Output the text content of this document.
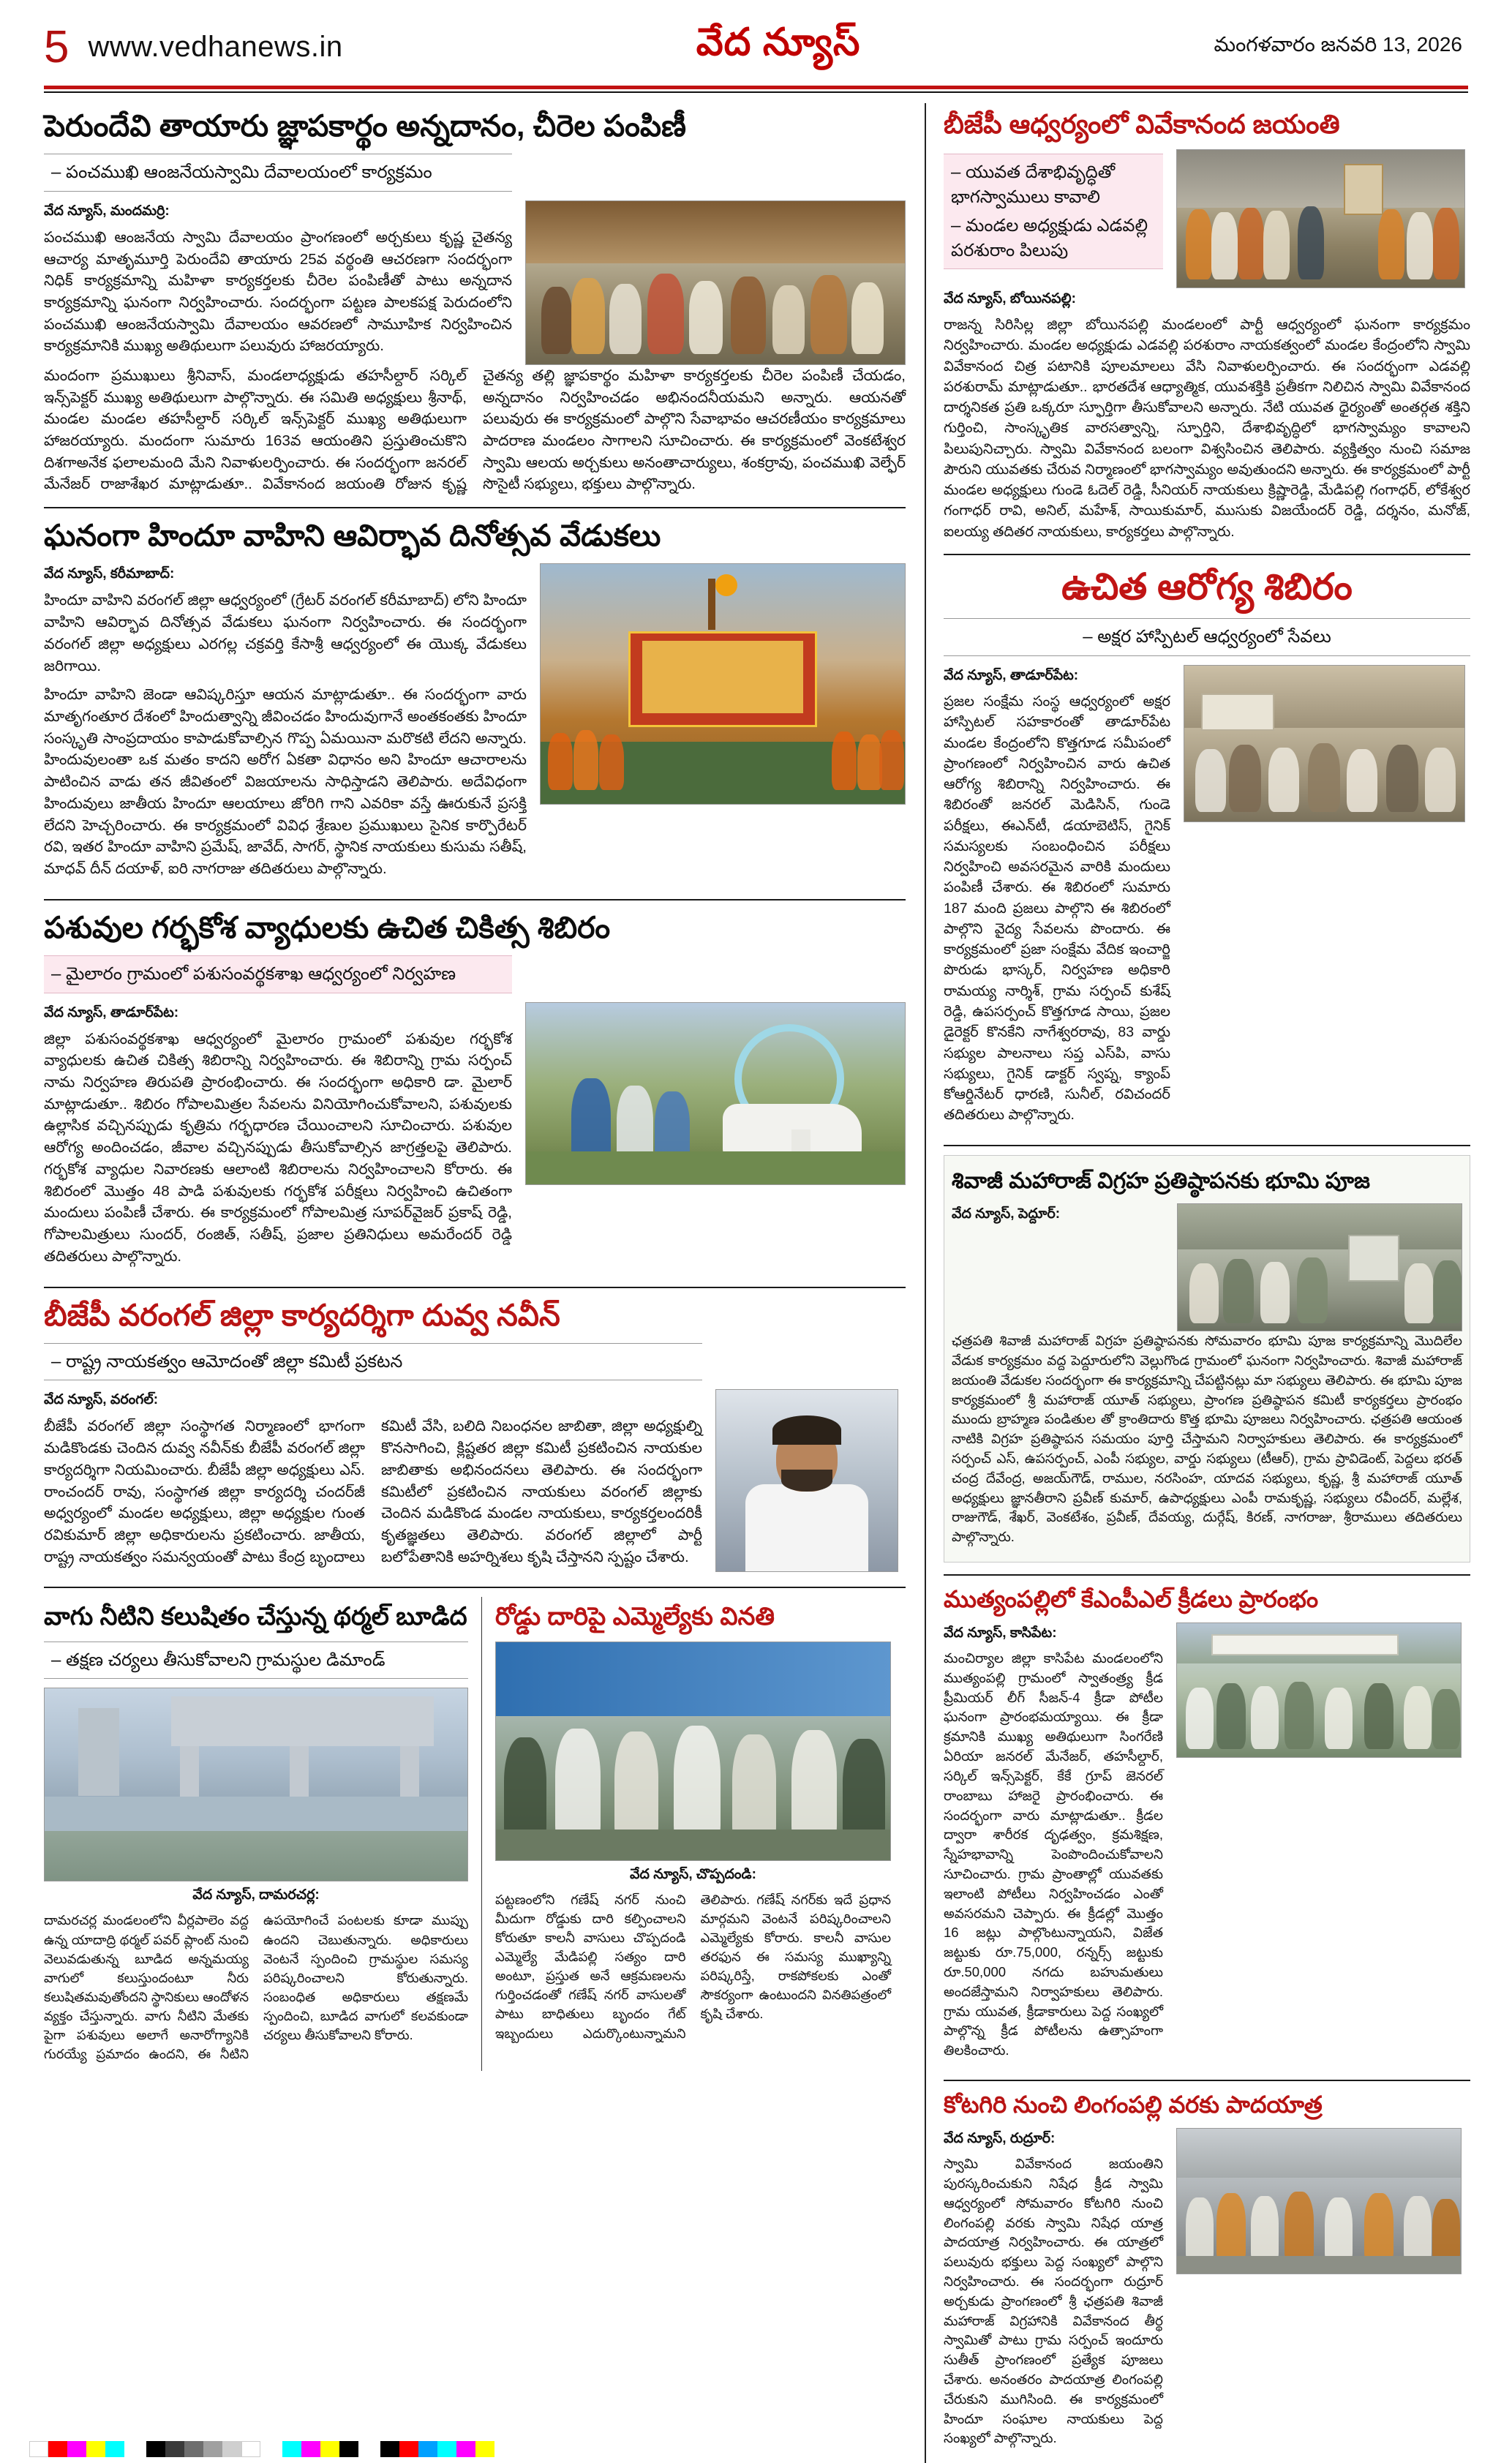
5 www.vedhanews.in	వేద న్యూస్	మంగళవారం జనవరి 13, 2026
పెరుందేవి తాయారు జ్ఞాపకార్థం అన్నదానం, చీరెల పంపిణీ
– పంచముఖి ఆంజనేయస్వామి దేవాలయంలో కార్యక్రమం
వేద న్యూస్, మందమర్రి:

పంచముఖి ఆంజనేయ స్వామి దేవాలయం ప్రాంగణంలో అర్చకులు కృష్ణ చైతన్య ఆచార్య మాతృమూర్తి పెరుందేవి తాయారు 25వ వర్థంతి ఆచరణగా సందర్భంగా నిధిక్ కార్యక్రమాన్ని మహిళా కార్యకర్తలకు చీరెల పంపిణీతో పాటు అన్నదాన కార్యక్రమాన్ని ఘనంగా నిర్వహించారు. సందర్భంగా పట్టణ పాలకపక్ష పెరుదంలోని పంచముఖి ఆంజనేయస్వామి దేవాలయం ఆవరణలో సామూహిక నిర్వహించిన కార్యక్రమానికి ముఖ్య అతిథులుగా పలువురు హాజరయ్యారు.

మందంగా ప్రముఖులు శ్రీనివాస్, మండలాధ్యక్షుడు తహసీల్దార్ సర్కిల్ ఇన్స్‌పెక్టర్ ముఖ్య అతిథులుగా పాల్గొన్నారు. ఈ సమితి అధ్యక్షులు శ్రీనాథ్, మండల మండల తహసీల్దార్ సర్కిల్ ఇన్స్‌పెక్టర్ ముఖ్య అతిథులుగా హాజరయ్యారు. మందంగా సుమారు 163వ ఆయంతిని ప్రస్తుతించుకొని దిశగాఅనేక ఫలాలమంది మేని నివాళులర్పించారు. ఈ సందర్భంగా జనరల్ మేనేజర్ రాజాశేఖర మాట్లాడుతూ.. వివేకానంద జయంతి రోజున కృష్ణ చైతన్య తల్లి జ్ఞాపకార్థం మహిళా కార్యకర్తలకు చీరెల పంపిణీ చేయడం, అన్నదానం నిర్వహించడం అభినందనీయమని అన్నారు. ఆయనతో పలువురు ఈ కార్యక్రమంలో పాల్గొని సేవాభావం ఆచరణీయం కార్యక్రమాలు పాదరాణ మండలం సాగాలని సూచించారు. ఈ కార్యక్రమంలో వెంకటేశ్వర స్వామి ఆలయ అర్చకులు అనంతాచార్యులు, శంకర్రావు, పంచముఖి వెల్ఫేర్ సొసైటీ సభ్యులు, భక్తులు పాల్గొన్నారు.

ఘనంగా హిందూ వాహిని ఆవిర్భావ దినోత్సవ వేడుకలు
వేద న్యూస్, కరీమాబాద్:

హిందూ వాహిని వరంగల్ జిల్లా ఆధ్వర్యంలో (గ్రేటర్ వరంగల్ కరీమాబాద్) లోని హిందూ వాహిని ఆవిర్భావ దినోత్సవ వేడుకలు ఘనంగా నిర్వహించారు. ఈ సందర్భంగా వరంగల్ జిల్లా అధ్యక్షులు ఎరగల్ల చక్రవర్తి కేసాశ్రీ ఆధ్వర్యంలో ఈ యొక్క వేడుకలు జరిగాయి.

హిందూ వాహిని జెండా ఆవిష్కరిస్తూ ఆయన మాట్లాడుతూ.. ఈ సందర్భంగా వారు మాతృగంతూర దేశంలో హిందుత్వాన్ని జీవించడం హిందువుగానే అంతకంతకు హిందూ సంస్కృతి సాంప్రదాయం కాపాడుకోవాల్సిన గొప్ప ఏమయినా మరొకటి లేదని అన్నారు. హిందువులంతా ఒక మతం కాదని అరోగ ఏకతా విధానం అని హిందూ ఆచారాలను పాటించిన వాడు తన జీవితంలో విజయాలను సాధిస్తాడని తెలిపారు. అదేవిధంగా హిందువులు జాతీయ హిందూ ఆలయాలు జోరిగి గాని ఎవరికా వస్తే ఊరుకునే ప్రసక్తి లేదని హెచ్చరించారు. ఈ కార్యక్రమంలో వివిధ శ్రేణుల ప్రముఖులు సైనిక కార్పొరేటర్ రవి, ఇతర హిందూ వాహిని ప్రమేష్, జావేద్, సాగర్, స్థానిక నాయకులు కుసుమ సతీష్, మాధవ్ దీన్ దయాళ్, ఐరి నాగరాజు తదితరులు పాల్గొన్నారు.

పశువుల గర్భకోశ వ్యాధులకు ఉచిత చికిత్స శిబిరం
– మైలారం గ్రామంలో పశుసంవర్థకశాఖ ఆధ్వర్యంలో నిర్వహణ
వేద న్యూస్, తాడూర్‌పేట:

జిల్లా పశుసంవర్థకశాఖ ఆధ్వర్యంలో మైలారం గ్రామంలో పశువుల గర్భకోశ వ్యాధులకు ఉచిత చికిత్స శిబిరాన్ని నిర్వహించారు. ఈ శిబిరాన్ని గ్రామ సర్పంచ్ నామ నిర్వహణ తిరుపతి ప్రారంభించారు. ఈ సందర్భంగా అధికారి డా. మైలార్ మాట్లాడుతూ.. శిబిరం గోపాలమిత్రల సేవలను వినియోగించుకోవాలని, పశువులకు ఉల్లాసిక వచ్చినప్పుడు కృత్రిమ గర్భధారణ చేయించాలని సూచించారు. పశువుల ఆరోగ్య అందించడం, జీవాల వచ్చినప్పుడు తీసుకోవాల్సిన జాగ్రత్తలపై తెలిపారు. గర్భకోశ వ్యాధుల నివారణకు ఆలాంటి శిబిరాలను నిర్వహించాలని కోరారు. ఈ శిబిరంలో మొత్తం 48 పాడి పశువులకు గర్భకోశ పరీక్షలు నిర్వహించి ఉచితంగా మందులు పంపిణీ చేశారు. ఈ కార్యక్రమంలో గోపాలమిత్ర సూపర్‌వైజర్ ప్రకాష్ రెడ్డి, గోపాలమిత్రులు సుందర్, రంజిత్, సతీష్, ప్రజాల ప్రతినిధులు అమరేందర్ రెడ్డి తదితరులు పాల్గొన్నారు.

బీజేపీ వరంగల్ జిల్లా కార్యదర్శిగా దువ్వ నవీన్
– రాష్ట్ర నాయకత్వం ఆమోదంతో జిల్లా కమిటీ ప్రకటన
వేద న్యూస్, వరంగల్:

బీజేపీ వరంగల్ జిల్లా సంస్థాగత నిర్మాణంలో భాగంగా మడికొండకు చెందిన దువ్వ నవీన్‌కు బీజేపీ వరంగల్ జిల్లా కార్యదర్శిగా నియమించారు. బీజేపీ జిల్లా అధ్యక్షులు ఎస్. రాంచందర్ రావు, సంస్థాగత జిల్లా కార్యదర్శి చందర్‌జీ అధ్వర్యంలో మండల అధ్యక్షులు, జిల్లా అధ్యక్షుల గుంత రవికుమార్ జిల్లా అధికారులను ప్రకటించారు. జాతీయ, రాష్ట్ర నాయకత్వం సమన్వయంతో పాటు కేంద్ర బృందాలు కమిటీ వేసి, బలిది నిబంధనల జాబితా, జిల్లా అధ్యక్షుల్ని కొనసాగించి, క్లిష్టతర జిల్లా కమిటీ ప్రకటించిన నాయకుల జాబితాకు అభినందనలు తెలిపారు. ఈ సందర్భంగా కమిటీలో ప్రకటించిన నాయకులు వరంగల్ జిల్లాకు చెందిన మడికొండ మండల నాయకులు, కార్యకర్తలందరికీ కృతజ్ఞతలు తెలిపారు. వరంగల్ జిల్లాలో పార్టీ బలోపేతానికి అహర్నిశలు కృషి చేస్తానని స్పష్టం చేశారు.

వాగు నీటిని కలుషితం చేస్తున్న థర్మల్ బూడిద
– తక్షణ చర్యలు తీసుకోవాలని గ్రామస్థుల డిమాండ్
వేద న్యూస్, దామరచర్ల:

దామరచర్ల మండలంలోని వీర్లపాలెం వద్ద ఉన్న యాదాద్రి థర్మల్ పవర్ ప్లాంట్ నుంచి వెలువడుతున్న బూడిద అన్నమయ్య వాగులో కలుస్తుందంటూ నీరు కలుషితమవుతోందని స్థానికులు ఆందోళన వ్యక్తం చేస్తున్నారు. వాగు నీటిని మేతకు పైగా పశువులు అలాగే అనారోగ్యానికి గురయ్యే ప్రమాదం ఉందని, ఈ నీటిని ఉపయోగించే పంటలకు కూడా ముప్పు ఉందని చెబుతున్నారు. అధికారులు వెంటనే స్పందించి గ్రామస్థుల సమస్య పరిష్కరించాలని కోరుతున్నారు. సంబంధిత అధికారులు తక్షణమే స్పందించి, బూడిద వాగులో కలవకుండా చర్యలు తీసుకోవాలని కోరారు.

రోడ్డు దారిపై ఎమ్మెల్యేకు వినతి
వేద న్యూస్, చొప్పదండి:

పట్టణంలోని గణేష్ నగర్ నుంచి మీదుగా రోడ్డుకు దారి కల్పించాలని కోరుతూ కాలనీ వాసులు చొప్పదండి ఎమ్మెల్యే మేడిపల్లి సత్యం దారి అంటూ, ప్రస్తుత అనే ఆక్రమణలను గుర్తించడంతో గణేష్ నగర్ వాసులతో పాటు బాధితులు బృందం గేట్ ఇబ్బందులు ఎదుర్కొంటున్నామని తెలిపారు. గణేష్ నగర్‌కు ఇదే ప్రధాన మార్గమని వెంటనే పరిష్కరించాలని ఎమ్మెల్యేకు కోరారు. కాలనీ వాసుల తరఫున ఈ సమస్య ముఖ్యాన్ని పరిష్కరిస్తే, రాకపోకలకు ఎంతో సౌకర్యంగా ఉంటుందని వినతిపత్రంలో కృషి చేశారు.

బీజేపీ ఆధ్వర్యంలో వివేకానంద జయంతి
– యువత దేశాభివృద్ధితో భాగస్వాములు కావాలి
– మండల అధ్యక్షుడు ఎడవల్లి పరశురాం పిలుపు
వేద న్యూస్, బోయినపల్లి:

రాజన్న సిరిసిల్ల జిల్లా బోయినపల్లి మండలంలో పార్టీ ఆధ్వర్యంలో ఘనంగా కార్యక్రమం నిర్వహించారు. మండల అధ్యక్షుడు ఎడవల్లి పరశురాం నాయకత్వంలో మండల కేంద్రంలోని స్వామి వివేకానంద చిత్ర పటానికి పూలమాలలు వేసి నివాళులర్పించారు. ఈ సందర్భంగా ఎడవల్లి పరశురామ్ మాట్లాడుతూ.. భారతదేశ ఆధ్యాత్మిక, యువశక్తికి ప్రతీకగా నిలిచిన స్వామి వివేకానంద దార్శనికత ప్రతి ఒక్కరూ స్ఫూర్తిగా తీసుకోవాలని అన్నారు. నేటి యువత ధైర్యంతో అంతర్గత శక్తిని గుర్తించి, సాంస్కృతిక వారసత్వాన్ని, స్ఫూర్తిని, దేశాభివృద్ధిలో భాగస్వామ్యం కావాలని పిలుపునిచ్చారు. స్వామి వివేకానంద బలంగా విశ్వసించిన తెలిపారు. వ్యక్తిత్వం నుంచి సమాజ పౌరుని యువతకు చేరువ నిర్మాణంలో భాగస్వామ్యం అవుతుందని అన్నారు. ఈ కార్యక్రమంలో పార్టీ మండల అధ్యక్షులు గుండె ఓదెల్ రెడ్డి, సీనియర్ నాయకులు క్రిష్ణారెడ్డి, మేడిపల్లి గంగాధర్, లోకేశ్వర గంగాధర్ రావి, అనిల్, మహేశ్, సాయికుమార్, ముసుకు విజయేందర్ రెడ్డి, దర్శనం, మనోజ్, ఐలయ్య తదితర నాయకులు, కార్యకర్తలు పాల్గొన్నారు.

ఉచిత ఆరోగ్య శిబిరం
– అక్షర హాస్పిటల్ ఆధ్వర్యంలో సేవలు
వేద న్యూస్, తాడూర్‌పేట:

ప్రజల సంక్షేమ సంస్థ ఆధ్వర్యంలో అక్షర హాస్పిటల్ సహకారంతో తాడూర్‌పేట మండల కేంద్రంలోని కొత్తగూడ సమీపంలో ప్రాంగణంలో నిర్వహించిన వారు ఉచిత ఆరోగ్య శిబిరాన్ని నిర్వహించారు. ఈ శిబిరంతో జనరల్ మెడిసిన్, గుండె పరీక్షలు, ఈఎన్‌టీ, డయాబెటిస్, గైనిక్ సమస్యలకు సంబంధించిన పరీక్షలు నిర్వహించి అవసరమైన వారికి మందులు పంపిణీ చేశారు. ఈ శిబిరంలో సుమారు 187 మంది ప్రజలు పాల్గొని ఈ శిబిరంలో పాల్గొని వైద్య సేవలను పొందారు. ఈ కార్యక్రమంలో ప్రజా సంక్షేమ వేదిక ఇంచార్జి పొరుడు భాస్కర్, నిర్వహణ అధికారి రామయ్య నార్శిశ్, గ్రామ సర్పంచ్ కుశేష్ రెడ్డి, ఉపసర్పంచ్ కొత్తగూడ సాయి, ప్రజల డైరెక్టర్ కొనకేని నాగేశ్వరరావు, 83 వార్డు సభ్యుల పాలనాలు సప్త ఎస్‌పి, వాసు సభ్యులు, గైనిక్ డాక్టర్ స్వప్న, క్యాంప్ కోఆర్డినేటర్ ధారణి, సునీల్, రవిచందర్ తదితరులు పాల్గొన్నారు.

శివాజీ మహారాజ్ విగ్రహ ప్రతిష్ఠాపనకు భూమి పూజ
వేద న్యూస్, పెద్దూర్:

ఛత్రపతి శివాజీ మహారాజ్ విగ్రహ ప్రతిష్ఠాపనకు సోమవారం భూమి పూజ కార్యక్రమాన్ని మెుదిలేల వేడుక కార్యక్రమం వద్ద పెద్దూరులోని వెల్లుగొండ గ్రామంలో ఘనంగా నిర్వహించారు. శివాజీ మహారాజ్ జయంతి వేడుకల సందర్భంగా ఈ కార్యక్రమాన్ని చేపట్టినట్లు మా సభ్యులు తెలిపారు. ఈ భూమి పూజ కార్యక్రమంలో శ్రీ మహారాజ్ యూత్ సభ్యులు, ప్రాంగణ ప్రతిష్ఠాపన కమిటీ కార్యకర్తలు ప్రారంభం ముందు బ్రాహ్మణ పండితుల తో క్రాంతిదారు కొత్త భూమి పూజలు నిర్వహించారు. ఛత్రపతి ఆయంత నాటికి విగ్రహ ప్రతిష్ఠాపన సమయం పూర్తి చేస్తామని నిర్వాహకులు తెలిపారు. ఈ కార్యక్రమంలో సర్పంచ్ ఎస్, ఉపసర్పంచ్, ఎంపీ సభ్యుల, వార్డు సభ్యులు (టీఆర్), గ్రామ ప్రావిడెంట్, పెద్దలు భరత్ చంద్ర దేవేంద్ర, అజయ్‌గౌడ్, రాముల, నరసింహ, యాదవ సభ్యులు, కృష్ణ, శ్రీ మహారాజ్ యూత్ అధ్యక్షులు జ్ఞానతీరాని ప్రవీణ్ కుమార్, ఉపాధ్యక్షులు ఎంపీ రామకృష్ణ, సభ్యులు రవీందర్, మల్లేశ, రాజుగౌడ్, శేఖర్, వెంకటేశం, ప్రవీణ్, దేవయ్య, దుర్గేష్, కిరణ్, నాగరాజు, శ్రీరాములు తదితరులు పాల్గొన్నారు.

ముత్యంపల్లిలో కేఎంపీఎల్ క్రీడలు ప్రారంభం
వేద న్యూస్, కాసిపేట:

మంచిర్యాల జిల్లా కాసిపేట మండలంలోని ముత్యంపల్లి గ్రామంలో స్వాతంత్ర్య క్రీడ ప్రీమియర్ లీగ్ సీజన్-4 క్రీడా పోటీల ఘనంగా ప్రారంభమయ్యాయి. ఈ క్రీడా క్రమానికి ముఖ్య అతిథులుగా సింగరేణి ఏరియా జనరల్ మేనేజర్, తహసీల్దార్, సర్కిల్ ఇన్స్‌పెక్టర్, కేకే గ్రూప్ జెనరల్ రాంబాబు హాజరై ప్రారంభించారు. ఈ సందర్భంగా వారు మాట్లాడుతూ.. క్రీడల ద్వారా శారీరక దృఢత్వం, క్రమశిక్షణ, స్నేహభావాన్ని పెంపొందించుకోవాలని సూచించారు. గ్రామ ప్రాంతాల్లో యువతకు ఇలాంటి పోటీలు నిర్వహించడం ఎంతో అవసరమని చెప్పారు. ఈ క్రీడల్లో మొత్తం 16 జట్లు పాల్గొంటున్నాయని, విజేత జట్టుకు రూ.75,000, రన్నర్స్ జట్టుకు రూ.50,000 నగదు బహుమతులు అందజేస్తామని నిర్వాహకులు తెలిపారు. గ్రామ యువత, క్రీడాకారులు పెద్ద సంఖ్యలో పాల్గొన్న క్రీడ పోటీలను ఉత్సాహంగా తిలకించారు.

కోటగిరి నుంచి లింగంపల్లి వరకు పాదయాత్ర
వేద న్యూస్, రుద్రూర్:

స్వామి వివేకానంద జయంతిని పురస్కరించుకుని నిషేధ క్రీడ స్వామి ఆధ్వర్యంలో సోమవారం కోటగిరి నుంచి లింగంపల్లి వరకు స్వామి నిషేధ యాత్ర పాదయాత్ర నిర్వహించారు. ఈ యాత్రలో పలువురు భక్తులు పెద్ద సంఖ్యలో పాల్గొని నిర్వహించారు. ఈ సందర్భంగా రుద్రూర్ అర్చకుడు ప్రాంగణంలో శ్రీ ఛత్రపతి శివాజీ మహారాజ్ విగ్రహానికి వివేకానంద తీర్థ స్వామితో పాటు గ్రామ సర్పంచ్ ఇందూరు సుతీత్ ప్రాంగణంలో ప్రత్యేక పూజలు చేశారు. అనంతరం పాదయాత్ర లింగంపల్లి చేరుకుని ముగిసింది. ఈ కార్యక్రమంలో హిందూ సంఘాల నాయకులు పెద్ద సంఖ్యలో పాల్గొన్నారు.
